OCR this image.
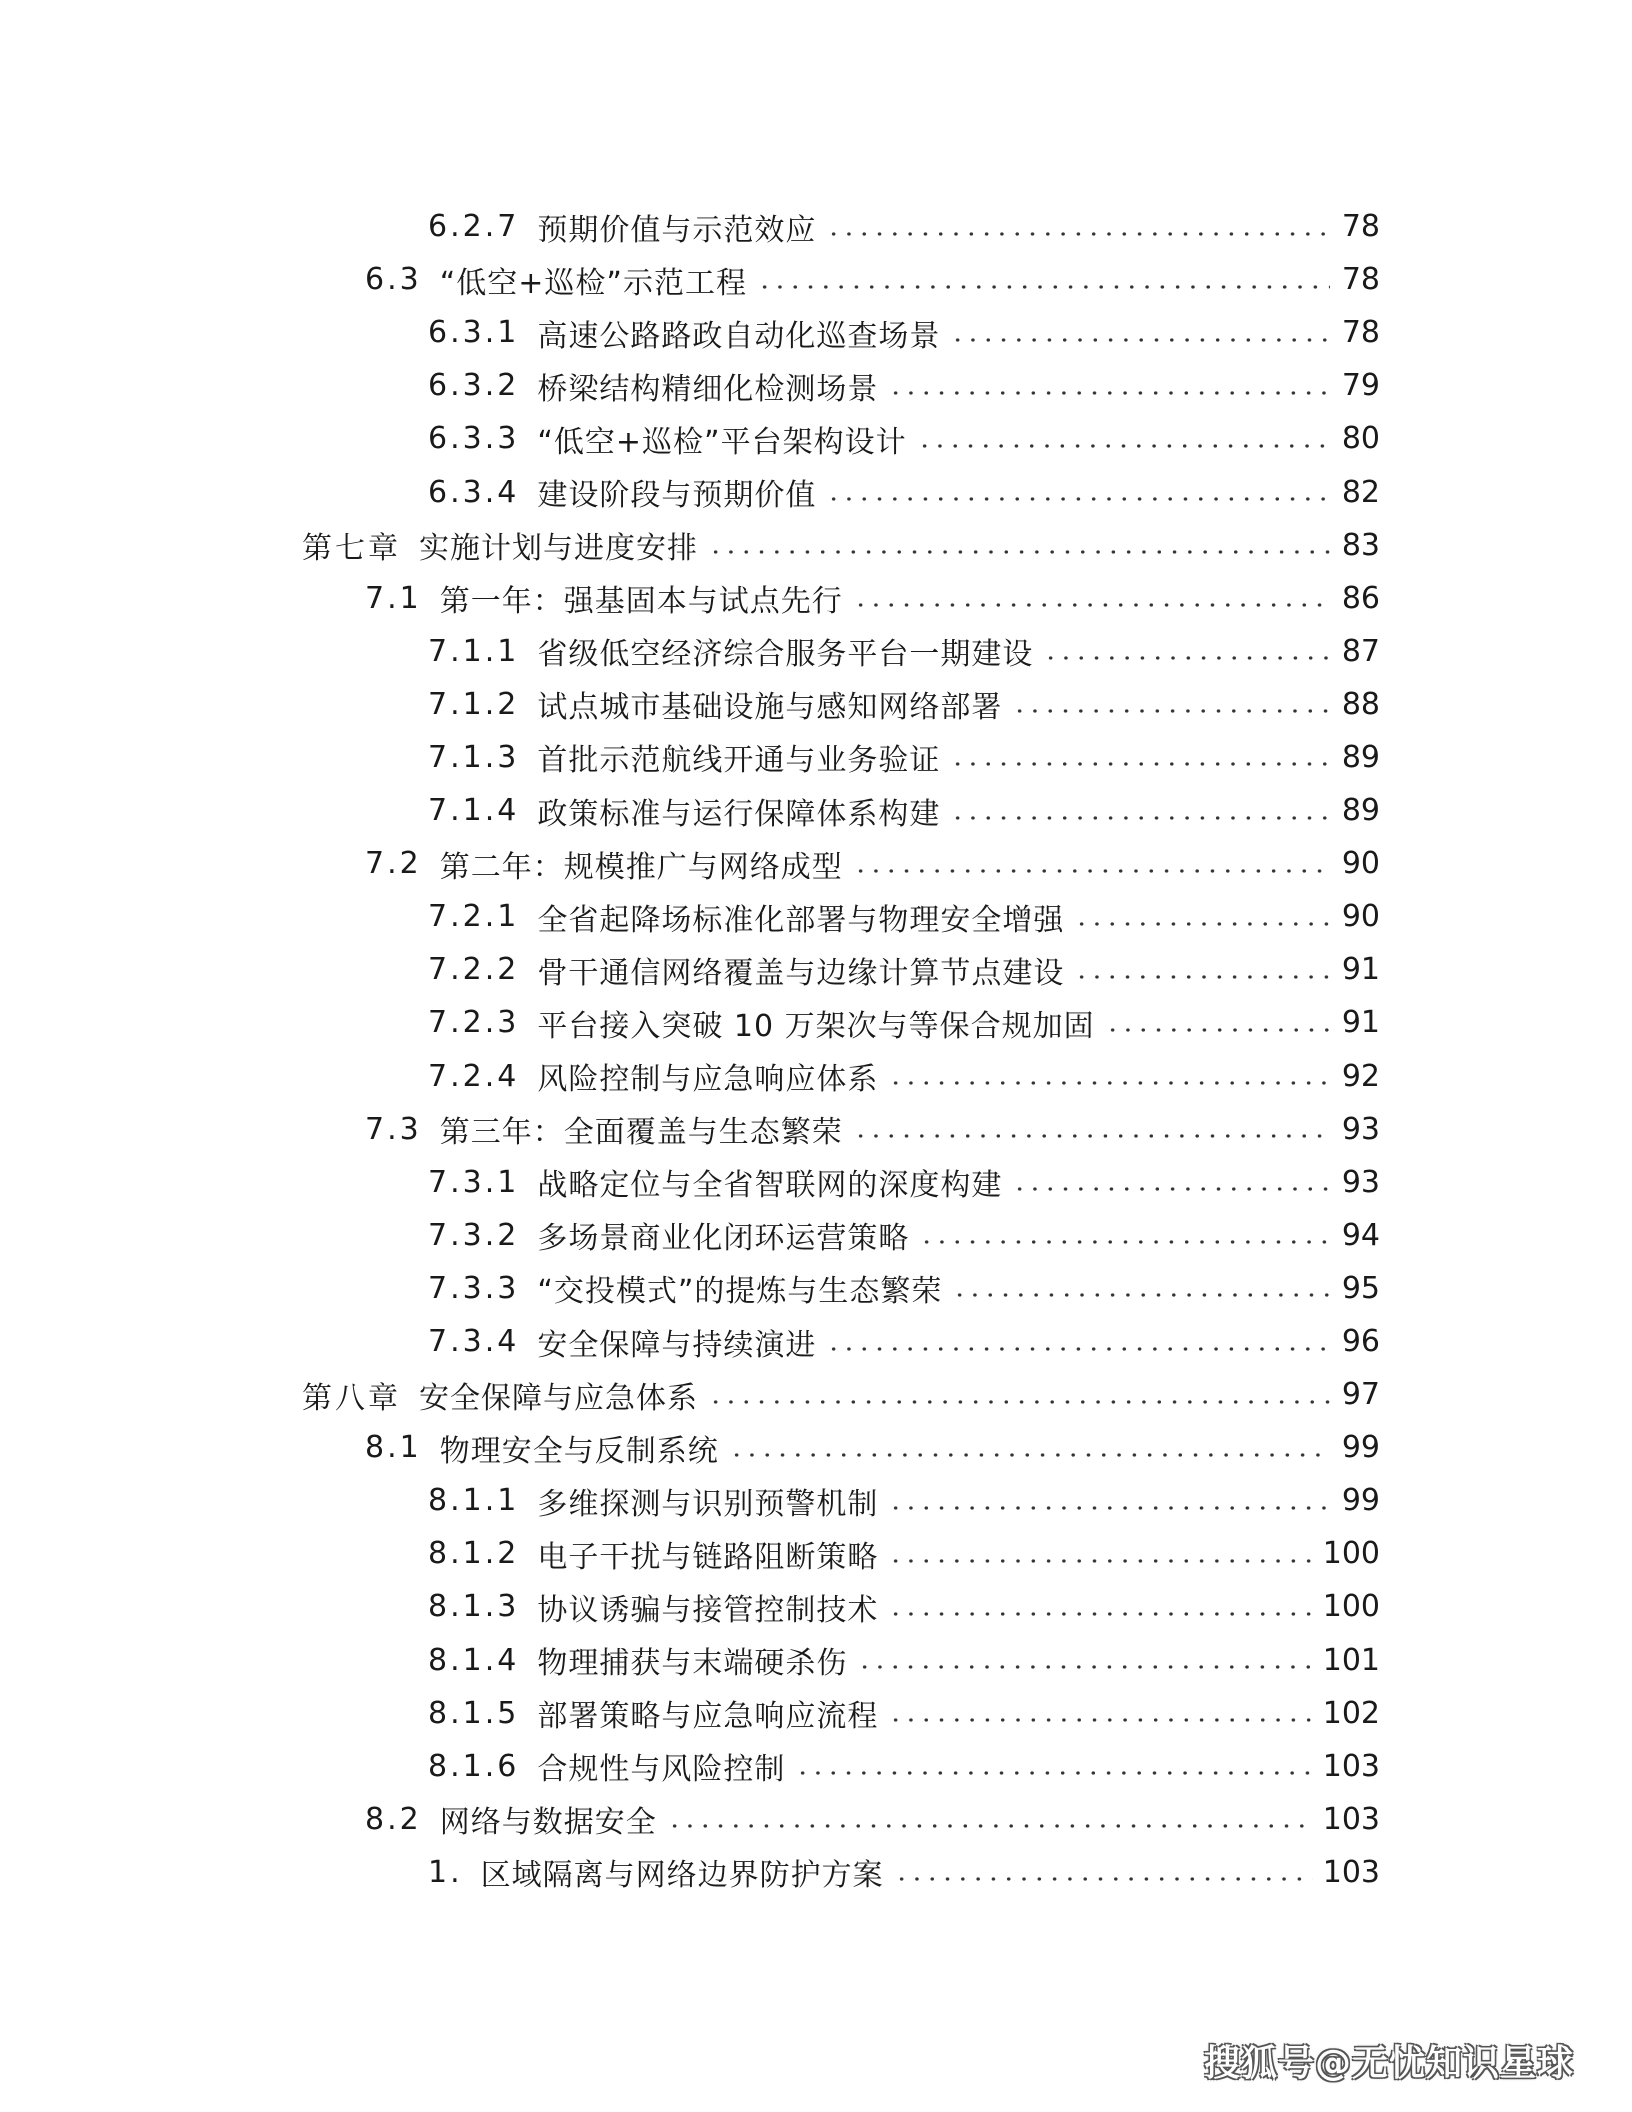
6.2.7 预期价值与示范效应	78
6.3 “低空+巡检”示范工程	78
6.3.1 高速公路路政自动化巡查场景	78
6.3.2 桥梁结构精细化检测场景	79
6.3.3 “低空+巡检”平台架构设计	80
6.3.4 建设阶段与预期价值	82
第七章 实施计划与进度安排	83
7.1 第一年：强基固本与试点先行	86
7.1.1 省级低空经济综合服务平台一期建设	87
7.1.2 试点城市基础设施与感知网络部署	88
7.1.3 首批示范航线开通与业务验证	89
7.1.4 政策标准与运行保障体系构建	89
7.2 第二年：规模推广与网络成型	90
7.2.1 全省起降场标准化部署与物理安全增强	90
7.2.2 骨干通信网络覆盖与边缘计算节点建设	91
7.2.3 平台接入突破 10 万架次与等保合规加固	91
7.2.4 风险控制与应急响应体系	92
7.3 第三年：全面覆盖与生态繁荣	93
7.3.1 战略定位与全省智联网的深度构建	93
7.3.2 多场景商业化闭环运营策略	94
7.3.3 “交投模式”的提炼与生态繁荣	95
7.3.4 安全保障与持续演进	96
第八章 安全保障与应急体系	97
8.1 物理安全与反制系统	99
8.1.1 多维探测与识别预警机制	99
8.1.2 电子干扰与链路阻断策略	100
8.1.3 协议诱骗与接管控制技术	100
8.1.4 物理捕获与末端硬杀伤	101
8.1.5 部署策略与应急响应流程	102
8.1.6 合规性与风险控制	103
8.2 网络与数据安全	103
1. 区域隔离与网络边界防护方案	103
搜狐号@无忧知识星球
